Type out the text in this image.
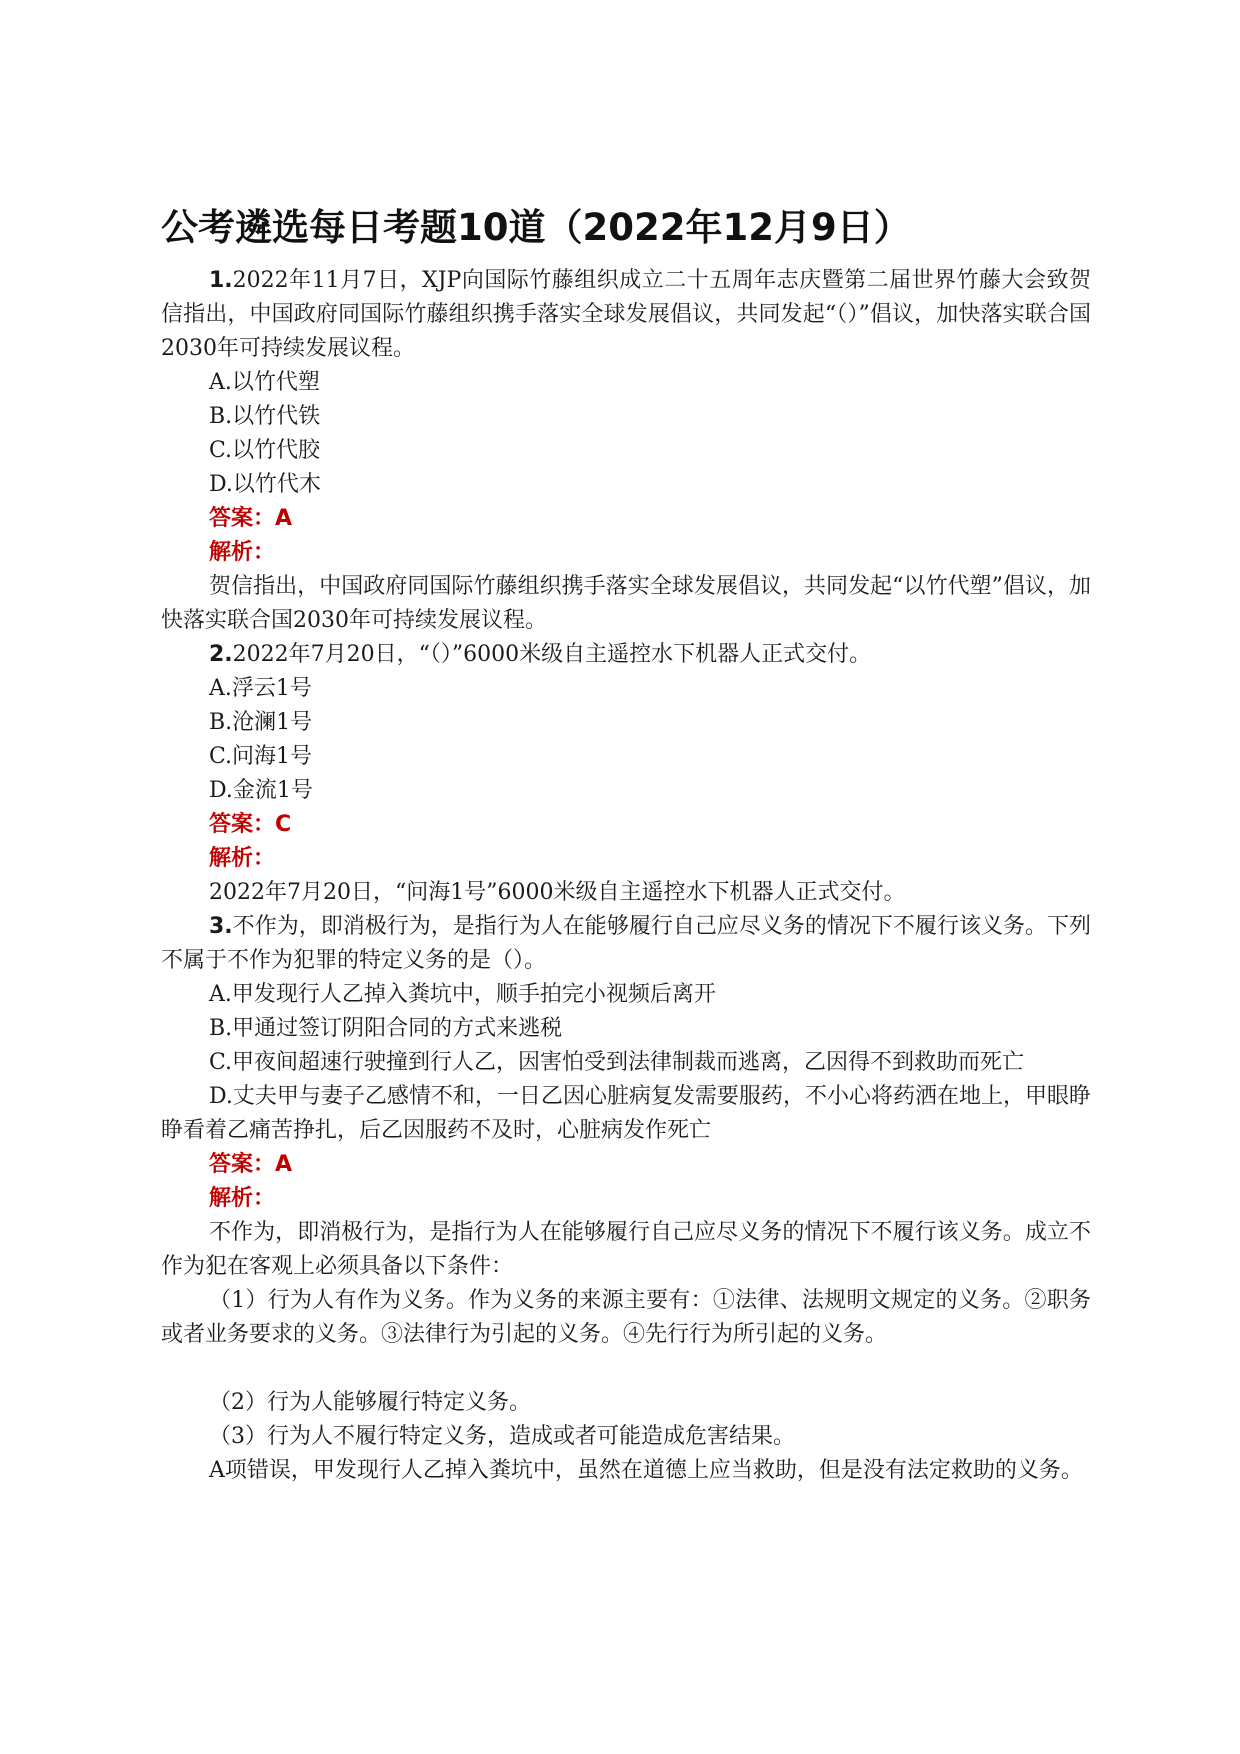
公考遴选每日考题10道（2022年12月9日）

1.2022年11月7日，XJP向国际竹藤组织成立二十五周年志庆暨第二届世界竹藤大会致贺信指出，中国政府同国际竹藤组织携手落实全球发展倡议，共同发起“（）”倡议，加快落实联合国2030年可持续发展议程。

A.以竹代塑

B.以竹代铁

C.以竹代胶

D.以竹代木

答案：A

解析：

贺信指出，中国政府同国际竹藤组织携手落实全球发展倡议，共同发起“以竹代塑”倡议，加快落实联合国2030年可持续发展议程。

2.2022年7月20日，“（）”6000米级自主遥控水下机器人正式交付。

A.浮云1号

B.沧澜1号

C.问海1号

D.金流1号

答案：C

解析：

2022年7月20日，“问海1号”6000米级自主遥控水下机器人正式交付。

3.不作为，即消极行为，是指行为人在能够履行自己应尽义务的情况下不履行该义务。下列不属于不作为犯罪的特定义务的是（）。

A.甲发现行人乙掉入粪坑中，顺手拍完小视频后离开

B.甲通过签订阴阳合同的方式来逃税

C.甲夜间超速行驶撞到行人乙，因害怕受到法律制裁而逃离，乙因得不到救助而死亡

D.丈夫甲与妻子乙感情不和，一日乙因心脏病复发需要服药，不小心将药洒在地上，甲眼睁睁看着乙痛苦挣扎，后乙因服药不及时，心脏病发作死亡

答案：A

解析：

不作为，即消极行为，是指行为人在能够履行自己应尽义务的情况下不履行该义务。成立不作为犯在客观上必须具备以下条件：

（1）行为人有作为义务。作为义务的来源主要有：①法律、法规明文规定的义务。②职务或者业务要求的义务。③法律行为引起的义务。④先行行为所引起的义务。

（2）行为人能够履行特定义务。

（3）行为人不履行特定义务，造成或者可能造成危害结果。

A项错误，甲发现行人乙掉入粪坑中，虽然在道德上应当救助，但是没有法定救助的义务。
